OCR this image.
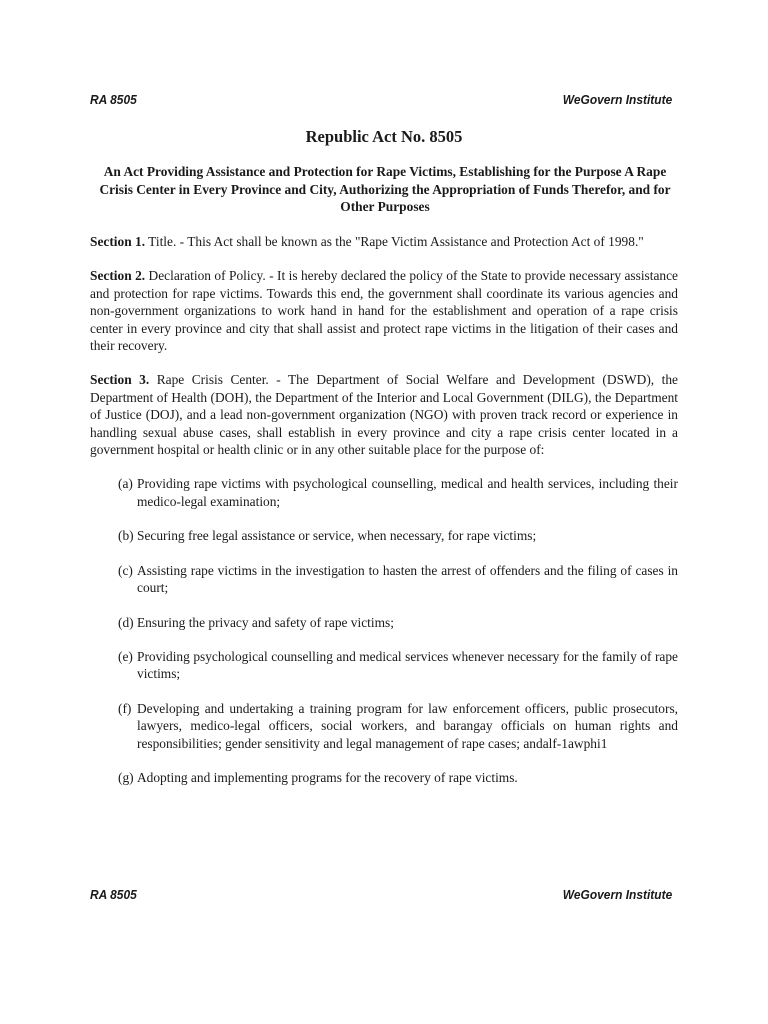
RA 8505	WeGovern Institute
Republic Act No. 8505
An Act Providing Assistance and Protection for Rape Victims, Establishing for the Purpose A Rape Crisis Center in Every Province and City, Authorizing the Appropriation of Funds Therefor, and for Other Purposes

Section 1. Title. - This Act shall be known as the "Rape Victim Assistance and Protection Act of 1998."

Section 2. Declaration of Policy. - It is hereby declared the policy of the State to provide necessary assistance and protection for rape victims. Towards this end, the government shall coordinate its various agencies and non-government organizations to work hand in hand for the establishment and operation of a rape crisis center in every province and city that shall assist and protect rape victims in the litigation of their cases and their recovery.

Section 3. Rape Crisis Center. - The Department of Social Welfare and Development (DSWD), the Department of Health (DOH), the Department of the Interior and Local Government (DILG), the Department of Justice (DOJ), and a lead non-government organization (NGO) with proven track record or experience in handling sexual abuse cases, shall establish in every province and city a rape crisis center located in a government hospital or health clinic or in any other suitable place for the purpose of:

(a) Providing rape victims with psychological counselling, medical and health services, including their medico-legal examination;
(b) Securing free legal assistance or service, when necessary, for rape victims;
(c) Assisting rape victims in the investigation to hasten the arrest of offenders and the filing of cases in court;
(d) Ensuring the privacy and safety of rape victims;
(e) Providing psychological counselling and medical services whenever necessary for the family of rape victims;
(f) Developing and undertaking a training program for law enforcement officers, public prosecutors, lawyers, medico-legal officers, social workers, and barangay officials on human rights and responsibilities; gender sensitivity and legal management of rape cases; andalf-1awphi1
(g) Adopting and implementing programs for the recovery of rape victims.
RA 8505	WeGovern Institute
